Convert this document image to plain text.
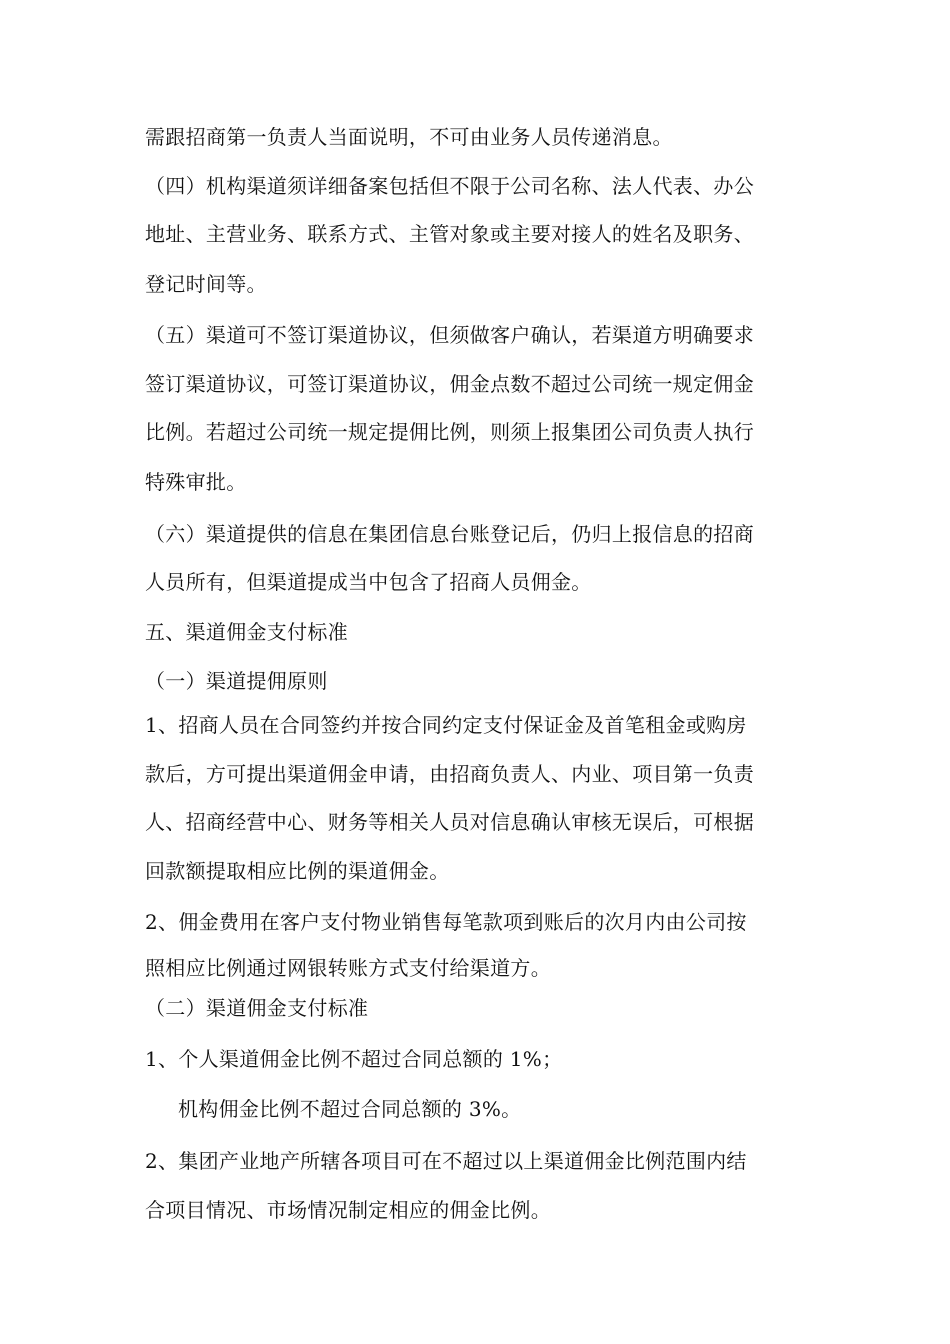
需跟招商第一负责人当面说明，不可由业务人员传递消息。
（四）机构渠道须详细备案包括但不限于公司名称、法人代表、办公
地址、主营业务、联系方式、主管对象或主要对接人的姓名及职务、
登记时间等。
（五）渠道可不签订渠道协议，但须做客户确认，若渠道方明确要求
签订渠道协议，可签订渠道协议，佣金点数不超过公司统一规定佣金
比例。若超过公司统一规定提佣比例，则须上报集团公司负责人执行
特殊审批。
（六）渠道提供的信息在集团信息台账登记后，仍归上报信息的招商
人员所有，但渠道提成当中包含了招商人员佣金。
五、渠道佣金支付标准
（一）渠道提佣原则
1、招商人员在合同签约并按合同约定支付保证金及首笔租金或购房
款后，方可提出渠道佣金申请，由招商负责人、内业、项目第一负责
人、招商经营中心、财务等相关人员对信息确认审核无误后，可根据
回款额提取相应比例的渠道佣金。
2、佣金费用在客户支付物业销售每笔款项到账后的次月内由公司按
照相应比例通过网银转账方式支付给渠道方。
（二）渠道佣金支付标准
1、个人渠道佣金比例不超过合同总额的 1%；
机构佣金比例不超过合同总额的 3%。
2、集团产业地产所辖各项目可在不超过以上渠道佣金比例范围内结
合项目情况、市场情况制定相应的佣金比例。
